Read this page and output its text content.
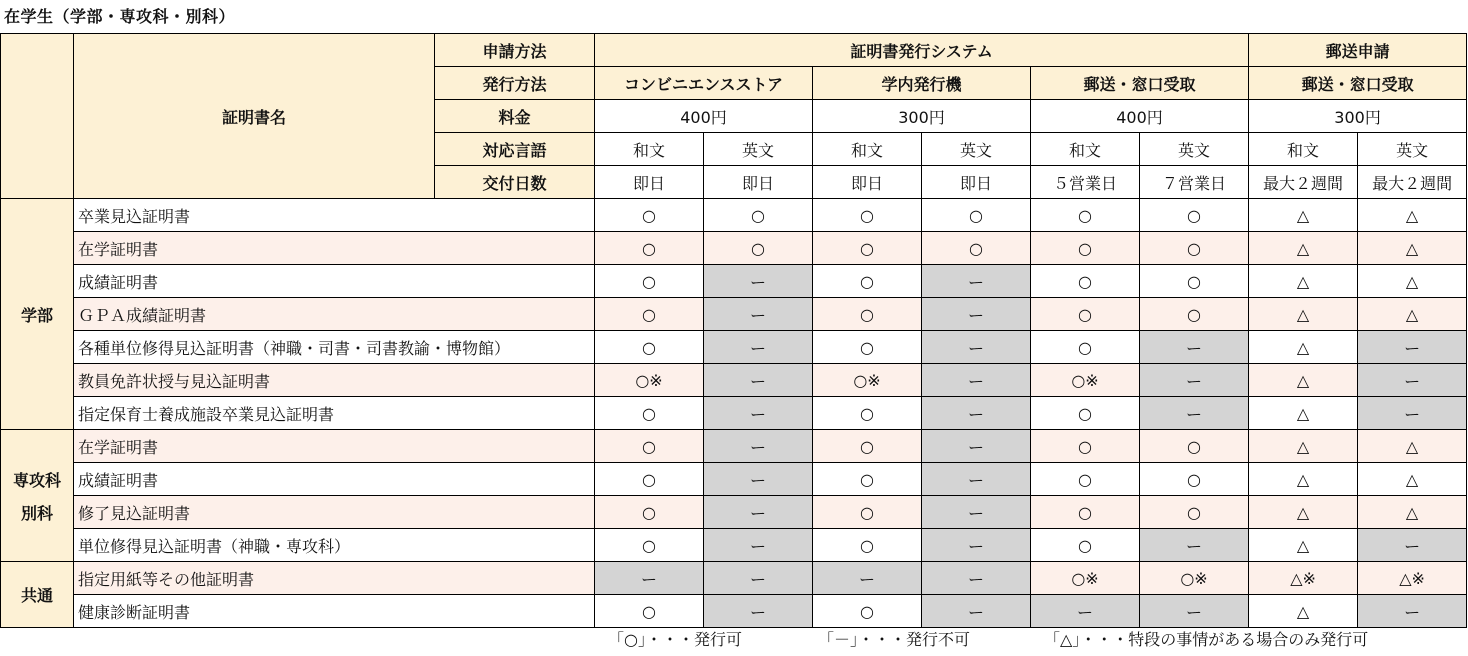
在学生（学部・専攻科・別科）
	証明書名	申請方法	証明書発行システム						郵送申請	
		発行方法	コンビニエンスストア		学内発行機		郵送・窓口受取		郵送・窓口受取	
		料金	400円		300円		400円		300円	
		対応言語	和文	英文	和文	英文	和文	英文	和文	英文
		交付日数	即日	即日	即日	即日	５営業日	７営業日	最大２週間	最大２週間

学部	卒業見込証明書		○	○	○	○	○	○	△	△
	在学証明書		○	○	○	○	○	○	△	△
	成績証明書		○	ー	○	ー	○	○	△	△
	ＧＰＡ成績証明書		○	ー	○	ー	○	○	△	△
	各種単位修得見込証明書（神職・司書・司書教諭・博物館）		○	ー	○	ー	○	ー	△	ー
	教員免許状授与見込証明書		○※	ー	○※	ー	○※	ー	△	ー
	指定保育士養成施設卒業見込証明書		○	ー	○	ー	○	ー	△	ー

専攻科
別科	在学証明書		○	ー	○	ー	○	○	△	△
	成績証明書		○	ー	○	ー	○	○	△	△
	修了見込証明書		○	ー	○	ー	○	○	△	△
	単位修得見込証明書（神職・専攻科）		○	ー	○	ー	○	ー	△	ー

共通	指定用紙等その他証明書		ー	ー	ー	ー	○※	○※	△※	△※
	健康診断証明書		○	ー	○	ー	ー	ー	△	ー
「○」・・・発行可	「－」・・・発行不可	「△」・・・特段の事情がある場合のみ発行可
